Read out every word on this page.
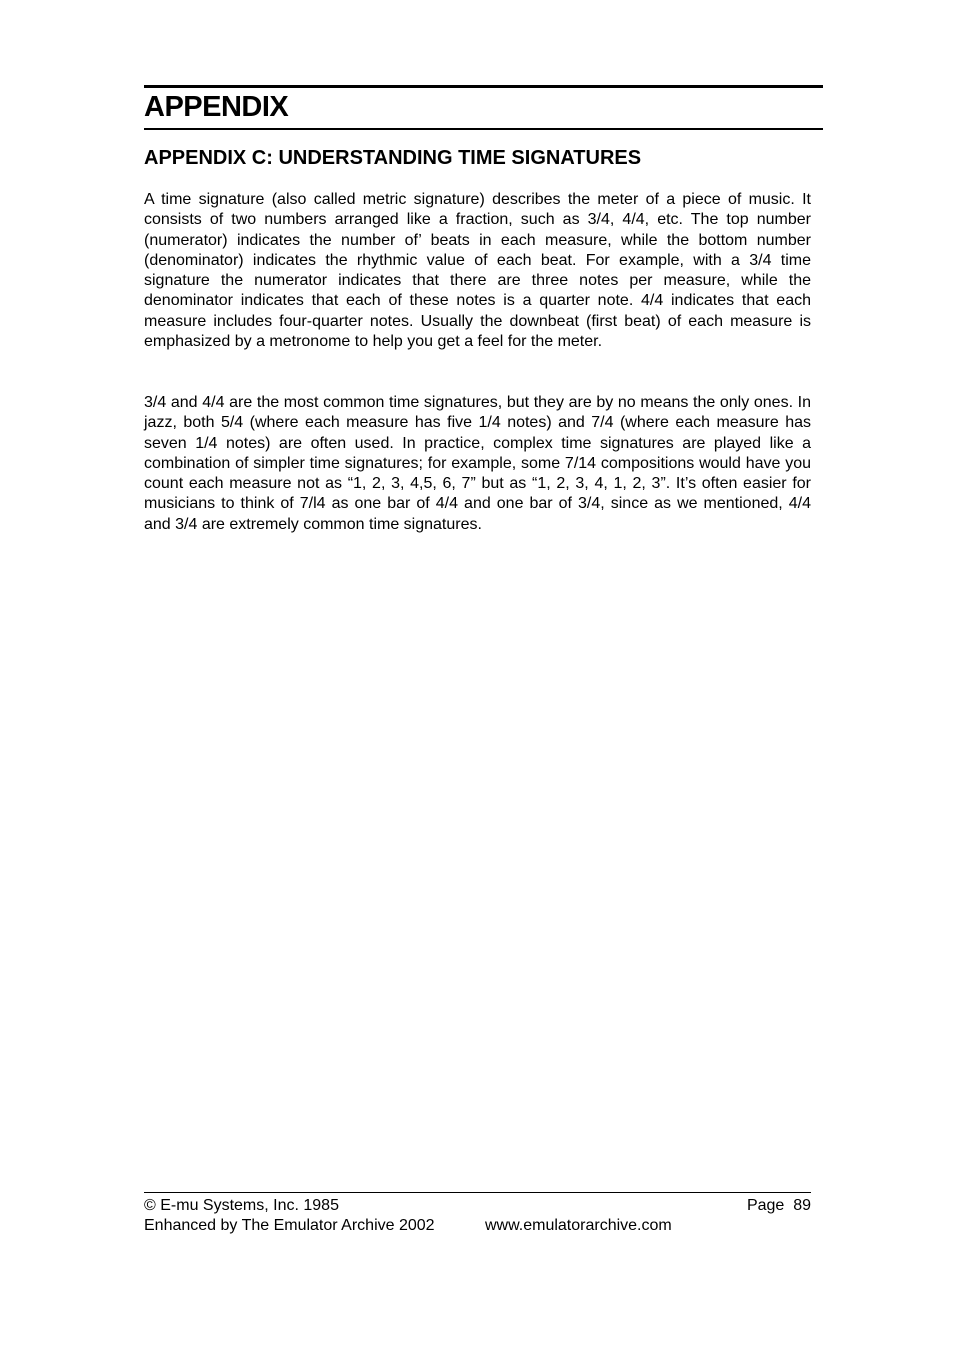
APPENDIX
APPENDIX C: UNDERSTANDING TIME SIGNATURES

A time signature (also called metric signature) describes the meter of a piece of music. It consists of two numbers arranged like a fraction, such as 3/4, 4/4, etc. The top number (numerator) indicates the number of’ beats in each measure, while the bottom number (denominator) indicates the rhythmic value of each beat. For example, with a 3/4 time signature the numerator indicates that there are three notes per measure, while the denominator indicates that each of these notes is a quarter note. 4/4 indicates that each measure includes four-quarter notes. Usually the downbeat (first beat) of each measure is emphasized by a metronome to help you get a feel for the meter.

3/4 and 4/4 are the most common time signatures, but they are by no means the only ones. In jazz, both 5/4 (where each measure has five 1/4 notes) and 7/4 (where each measure has seven 1/4 notes) are often used. In practice, complex time signatures are played like a combination of simpler time signatures; for example, some 7/14 compositions would have you count each measure not as “1, 2, 3, 4,5, 6, 7” but as “1, 2, 3, 4, 1, 2, 3”. It’s often easier for musicians to think of 7/l4 as one bar of 4/4 and one bar of 3/4, since as we mentioned, 4/4 and 3/4 are extremely common time signatures.

© E-mu Systems, Inc. 1985	Page  89
Enhanced by The Emulator Archive 2002	www.emulatorarchive.com
